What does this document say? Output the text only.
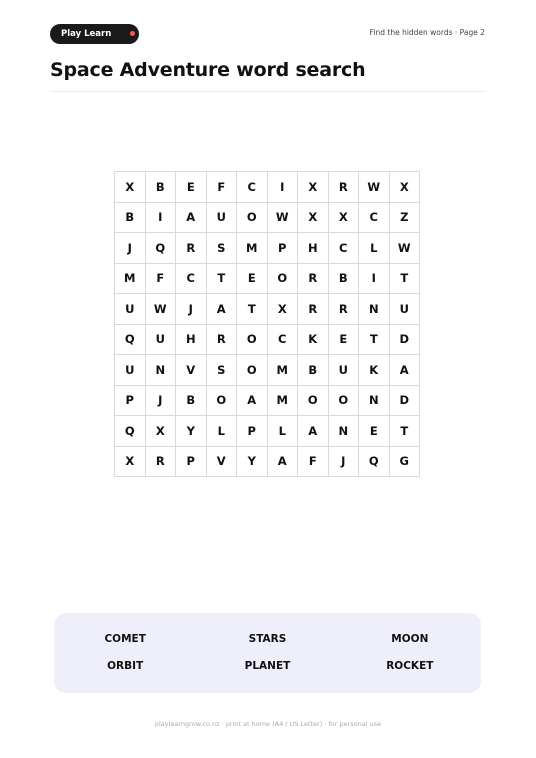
Play Learn Grow
Find the hidden words · Page 2
Space Adventure word search
X	B	E	F	C	I	X	R	W	X
B	I	A	U	O	W	X	X	C	Z
J	Q	R	S	M	P	H	C	L	W
M	F	C	T	E	O	R	B	I	T
U	W	J	A	T	X	R	R	N	U
Q	U	H	R	O	C	K	E	T	D
U	N	V	S	O	M	B	U	K	A
P	J	B	O	A	M	O	O	N	D
Q	X	Y	L	P	L	A	N	E	T
X	R	P	V	Y	A	F	J	Q	G
COMET	STARS	MOON
ORBIT	PLANET	ROCKET
playlearngrow.co.nz · print at home (A4 / US Letter) · for personal use
